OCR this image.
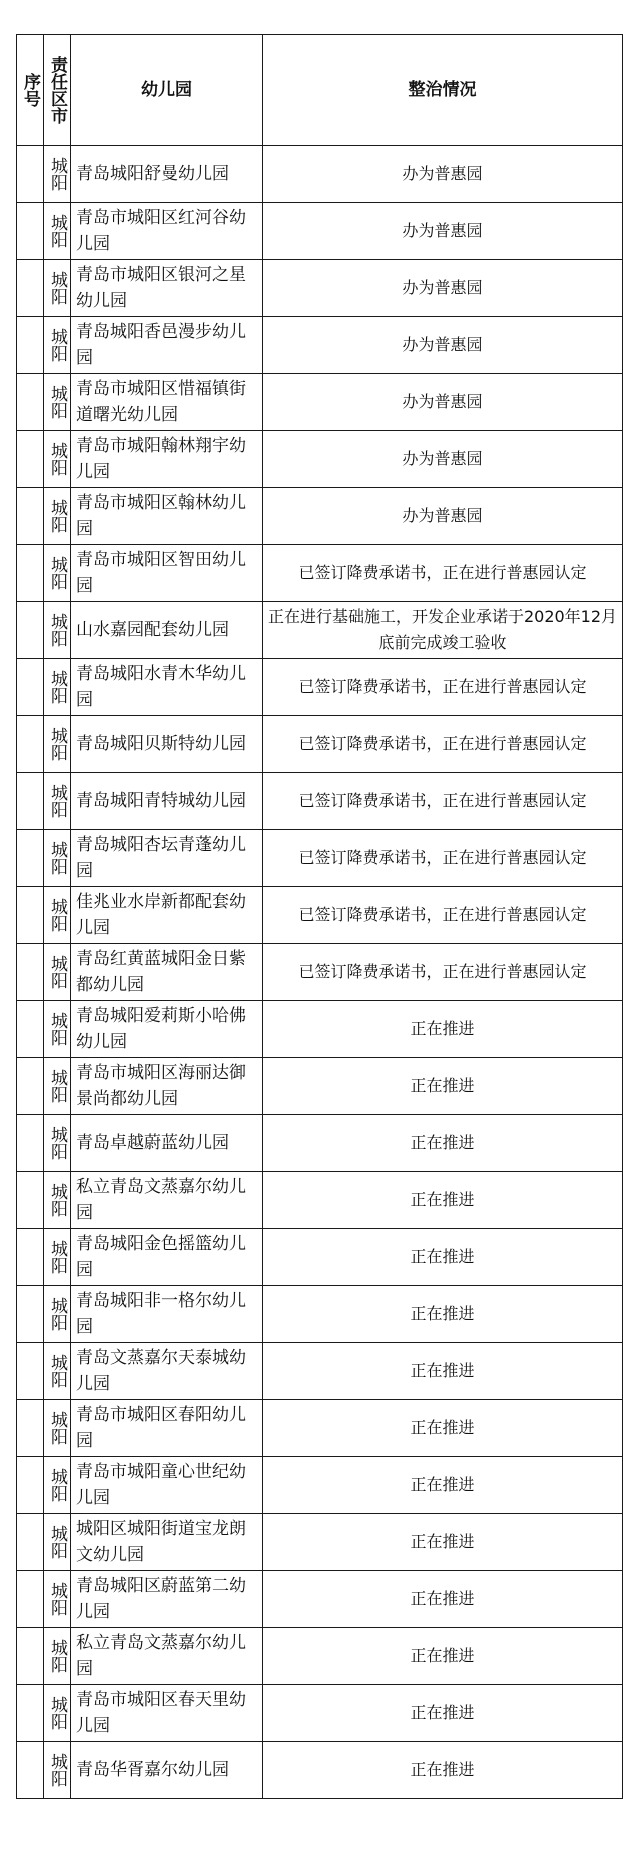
序号	责任区市	幼儿园	整治情况

	城阳	青岛城阳舒曼幼儿园	办为普惠园

	城阳	青岛市城阳区红河谷幼儿园	办为普惠园

	城阳	青岛市城阳区银河之星幼儿园	办为普惠园

	城阳	青岛城阳香邑漫步幼儿园	办为普惠园

	城阳	青岛市城阳区惜福镇街道曙光幼儿园	办为普惠园

	城阳	青岛市城阳翰林翔宇幼儿园	办为普惠园

	城阳	青岛市城阳区翰林幼儿园	办为普惠园

	城阳	青岛市城阳区智田幼儿园	已签订降费承诺书，正在进行普惠园认定

	城阳	山水嘉园配套幼儿园	正在进行基础施工，开发企业承诺于2020年12月底前完成竣工验收

	城阳	青岛城阳水青木华幼儿园	已签订降费承诺书，正在进行普惠园认定

	城阳	青岛城阳贝斯特幼儿园	已签订降费承诺书，正在进行普惠园认定

	城阳	青岛城阳青特城幼儿园	已签订降费承诺书，正在进行普惠园认定

	城阳	青岛城阳杏坛青蓬幼儿园	已签订降费承诺书，正在进行普惠园认定

	城阳	佳兆业水岸新都配套幼儿园	已签订降费承诺书，正在进行普惠园认定

	城阳	青岛红黄蓝城阳金日紫都幼儿园	已签订降费承诺书，正在进行普惠园认定

	城阳	青岛城阳爱莉斯小哈佛幼儿园	正在推进

	城阳	青岛市城阳区海丽达御景尚都幼儿园	正在推进

	城阳	青岛卓越蔚蓝幼儿园	正在推进

	城阳	私立青岛文蒸嘉尔幼儿园	正在推进

	城阳	青岛城阳金色摇篮幼儿园	正在推进

	城阳	青岛城阳非一格尔幼儿园	正在推进

	城阳	青岛文蒸嘉尔天泰城幼儿园	正在推进

	城阳	青岛市城阳区春阳幼儿园	正在推进

	城阳	青岛市城阳童心世纪幼儿园	正在推进

	城阳	城阳区城阳街道宝龙朗文幼儿园	正在推进

	城阳	青岛城阳区蔚蓝第二幼儿园	正在推进

	城阳	私立青岛文蒸嘉尔幼儿园	正在推进

	城阳	青岛市城阳区春天里幼儿园	正在推进

	城阳	青岛华胥嘉尔幼儿园	正在推进
